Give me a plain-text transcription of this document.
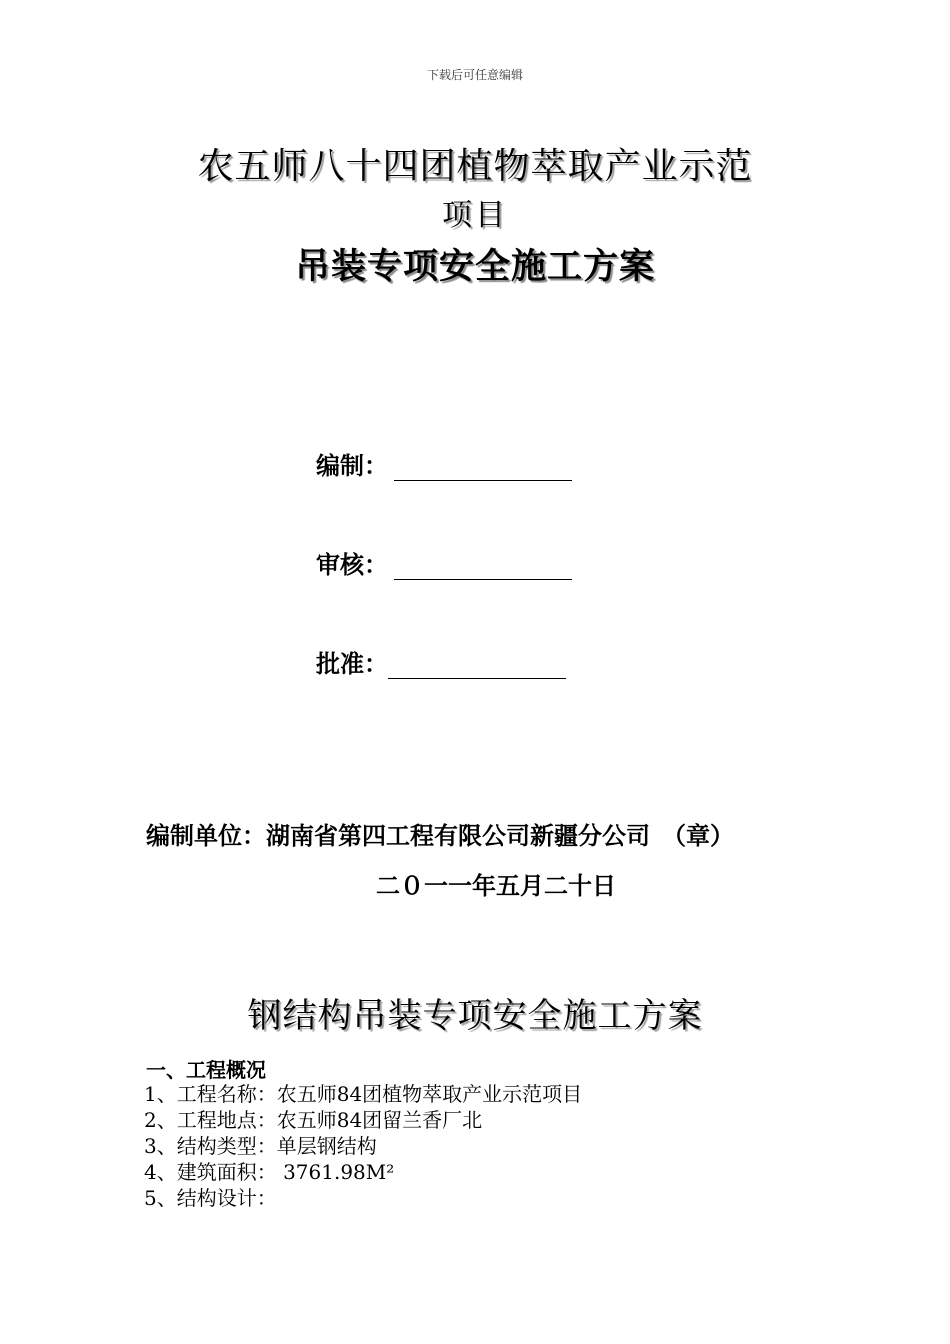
下载后可任意编辑
农五师八十四团植物萃取产业示范
项目
吊装专项安全施工方案
编制：
审核：
批准：
编制单位：湖南省第四工程有限公司新疆分公司　（章）
二０一一年五月二十日
钢结构吊装专项安全施工方案
一、工程概况
1、工程名称：农五师84团植物萃取产业示范项目
2、工程地点：农五师84团留兰香厂北
3、结构类型：单层钢结构
4、建筑面积： 3761.98M²
5、结构设计：
